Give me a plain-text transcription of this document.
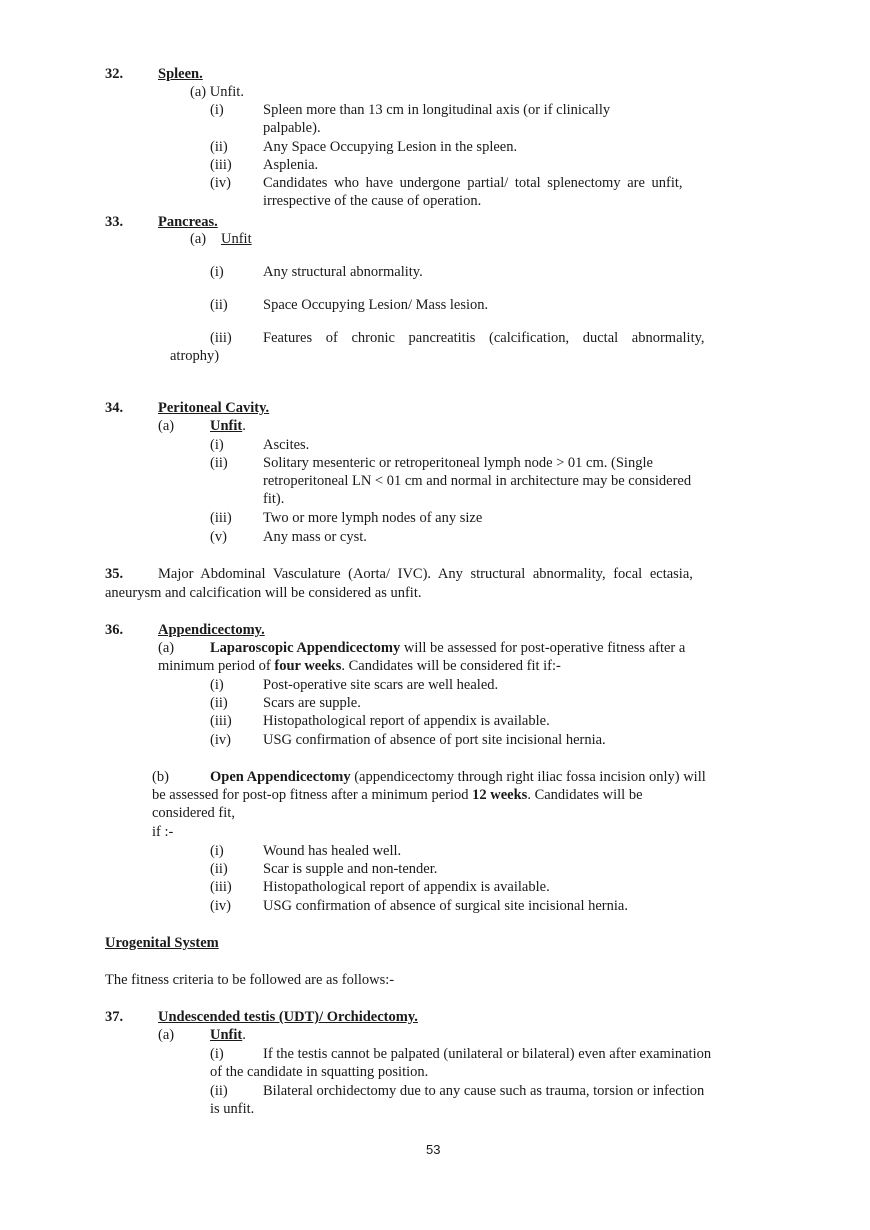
32. Spleen.
(a) Unfit.
(i)	Spleen more than 13 cm in longitudinal axis (or if clinically
palpable).
(ii) Any Space Occupying Lesion in the spleen.
(iii) Asplenia.
(iv) Candidates who have undergone partial/ total splenectomy are unfit,
irrespective of the cause of operation.
33. Pancreas.
(a) Unfit
(i)	Any structural abnormality.
(ii) Space Occupying Lesion/ Mass lesion.
(iii) Features of chronic pancreatitis (calcification, ductal abnormality,
atrophy)
34. Peritoneal Cavity.
(a) Unfit.
(i)	Ascites.
(ii) Solitary mesenteric or retroperitoneal lymph node > 01 cm. (Single
retroperitoneal LN < 01 cm and normal in architecture may be considered
fit).
(iii) Two or more lymph nodes of any size
(v) Any mass or cyst.
35. Major Abdominal Vasculature (Aorta/ IVC). Any structural abnormality, focal ectasia,
aneurysm and calcification will be considered as unfit.
36. Appendicectomy.
(a) Laparoscopic Appendicectomy will be assessed for post-operative fitness after a
minimum period of four weeks. Candidates will be considered fit if:-
(i)	Post-operative site scars are well healed.
(ii) Scars are supple.
(iii) Histopathological report of appendix is available.
(iv) USG confirmation of absence of port site incisional hernia.
(b)	Open Appendicectomy (appendicectomy through right iliac fossa incision only) will
be assessed for post-op fitness after a minimum period 12 weeks. Candidates will be
considered fit,
if :-
(i)	Wound has healed well.
(ii) Scar is supple and non-tender.
(iii) Histopathological report of appendix is available.
(iv) USG confirmation of absence of surgical site incisional hernia.
Urogenital System
The fitness criteria to be followed are as follows:-
37. Undescended testis (UDT)/ Orchidectomy.
(a) Unfit.
(i)	If the testis cannot be palpated (unilateral or bilateral) even after examination
of the candidate in squatting position.
(ii) Bilateral orchidectomy due to any cause such as trauma, torsion or infection
is unfit.
53
